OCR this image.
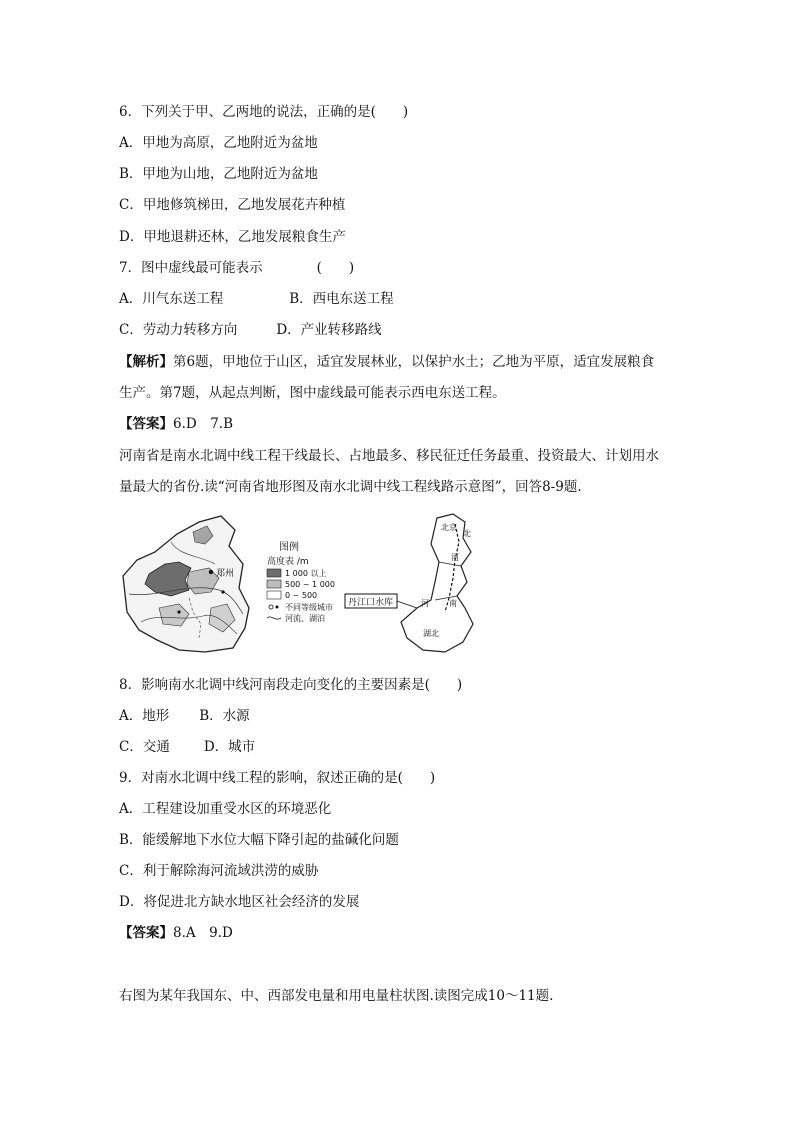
6．下列关于甲、乙两地的说法，正确的是(　　)
A．甲地为高原，乙地附近为盆地
B．甲地为山地，乙地附近为盆地
C．甲地修筑梯田，乙地发展花卉种植
D．甲地退耕还林，乙地发展粮食生产
7．图中虚线最可能表示　　　　(　　)
A．川气东送工程	B．西电东送工程
C．劳动力转移方向	D．产业转移路线
【解析】第6题，甲地位于山区，适宜发展林业，以保护水土；乙地为平原，适宜发展粮食
生产。第7题，从起点判断，图中虚线最可能表示西电东送工程。
【答案】6.D　7.B
河南省是南水北调中线工程干线最长、占地最多、移民征迁任务最重、投资最大、计划用水
量最大的省份.读“河南省地形图及南水北调中线工程线路示意图”，回答8-9题.
郑州
图例
高度表 /m
1 000 以上
500 ~ 1 000
0 ~ 500
不同等级城市
河流、湖泊
丹江口水库
北京
北
河
河	南
湖北
8．影响南水北调中线河南段走向变化的主要因素是(　　)
A．地形 B．水源
C．交通	D．城市
9．对南水北调中线工程的影响，叙述正确的是(　　)
A．工程建设加重受水区的环境恶化
B．能缓解地下水位大幅下降引起的盐碱化问题
C．利于解除海河流域洪涝的威胁
D．将促进北方缺水地区社会经济的发展
【答案】8.A　9.D
右图为某年我国东、中、西部发电量和用电量柱状图.读图完成10～11题.
